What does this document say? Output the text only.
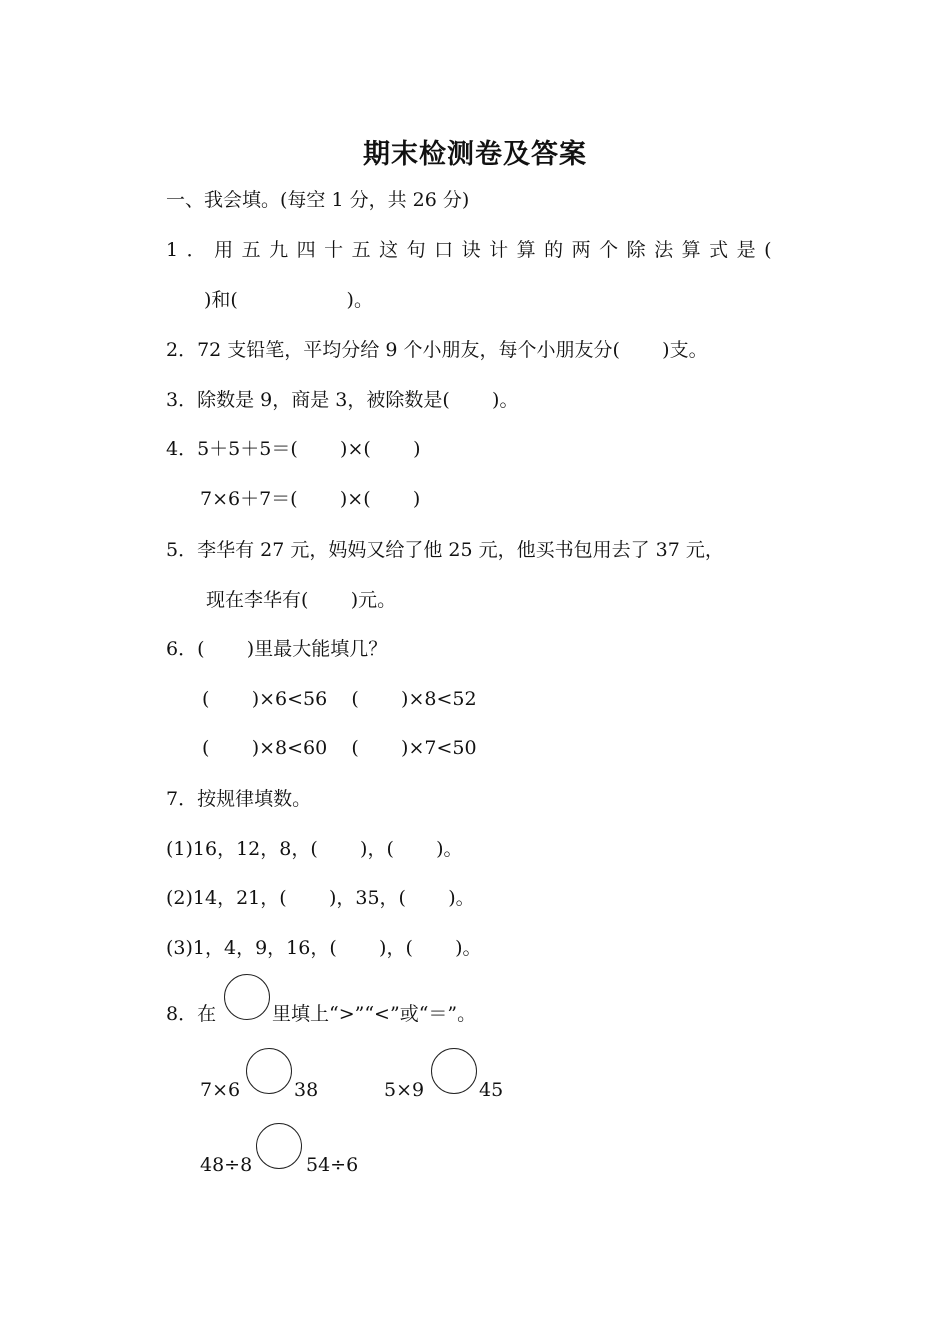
期末检测卷及答案
一、我会填。(每空 1 分，共 26 分)
1．用五九四十五这句口诀计算的两个除法算式是(
)和(                  )。
2．72 支铅笔，平均分给 9 个小朋友，每个小朋友分(       )支。
3．除数是 9，商是 3，被除数是(       )。
4．5＋5＋5＝(       )×(       )
7×6＋7＝(       )×(       )
5．李华有 27 元，妈妈又给了他 25 元，他买书包用去了 37 元，
现在李华有(       )元。
6．(       )里最大能填几？
(       )×6<56    (       )×8<52
(       )×8<60    (       )×7<50
7．按规律填数。
(1)16，12，8，(       )，(       )。
(2)14，21，(       )，35，(       )。
(3)1，4，9，16，(       )，(       )。
8．在	里填上“>”“<”或“＝”。
7×6	38	5×9	45
48÷8	54÷6
